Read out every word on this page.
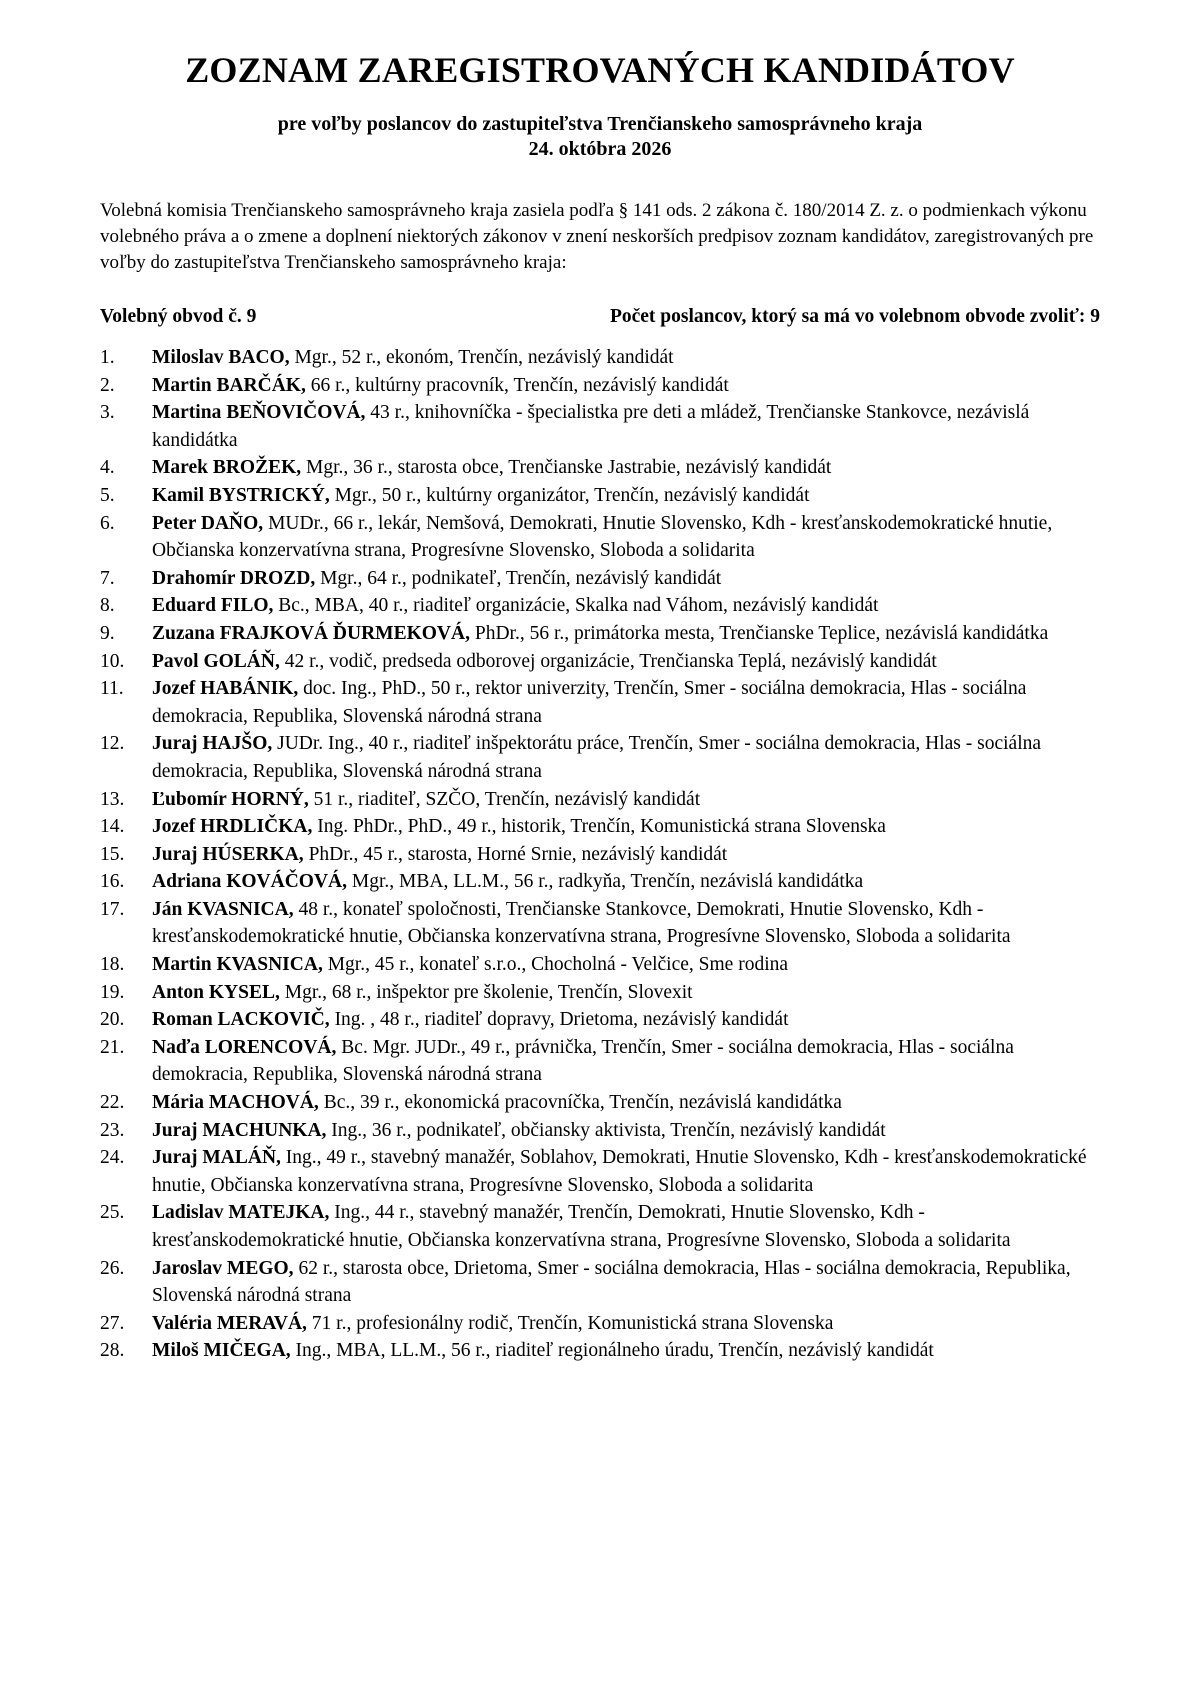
ZOZNAM ZAREGISTROVANÝCH KANDIDÁTOV
pre voľby poslancov do zastupiteľstva Trenčianskeho samosprávneho kraja
24. októbra 2026

Volebná komisia Trenčianskeho samosprávneho kraja zasiela podľa § 141 ods. 2 zákona č. 180/2014 Z. z. o podmienkach výkonu volebného práva a o zmene a doplnení niektorých zákonov v znení neskorších predpisov zoznam kandidátov, zaregistrovaných pre voľby do zastupiteľstva Trenčianskeho samosprávneho kraja:

Volebný obvod č. 9	Počet poslancov, ktorý sa má vo volebnom obvode zvoliť: 9
1.	Miloslav BACO, Mgr., 52 r., ekonóm, Trenčín, nezávislý kandidát
2.	Martin BARČÁK, 66 r., kultúrny pracovník, Trenčín, nezávislý kandidát
3.	Martina BEŇOVIČOVÁ, 43 r., knihovníčka - špecialistka pre deti a mládež, Trenčianske Stankovce, nezávislá kandidátka
4.	Marek BROŽEK, Mgr., 36 r., starosta obce, Trenčianske Jastrabie, nezávislý kandidát
5.	Kamil BYSTRICKÝ, Mgr., 50 r., kultúrny organizátor, Trenčín, nezávislý kandidát
6.	Peter DAŇO, MUDr., 66 r., lekár, Nemšová, Demokrati, Hnutie Slovensko, Kdh - kresťanskodemokratické hnutie, Občianska konzervatívna strana, Progresívne Slovensko, Sloboda a solidarita
7.	Drahomír DROZD, Mgr., 64 r., podnikateľ, Trenčín, nezávislý kandidát
8.	Eduard FILO, Bc., MBA, 40 r., riaditeľ organizácie, Skalka nad Váhom, nezávislý kandidát
9.	Zuzana FRAJKOVÁ ĎURMEKOVÁ, PhDr., 56 r., primátorka mesta, Trenčianske Teplice, nezávislá kandidátka
10.	Pavol GOLÁŇ, 42 r., vodič, predseda odborovej organizácie, Trenčianska Teplá, nezávislý kandidát
11.	Jozef HABÁNIK, doc. Ing., PhD., 50 r., rektor univerzity, Trenčín, Smer - sociálna demokracia, Hlas - sociálna demokracia, Republika, Slovenská národná strana
12.	Juraj HAJŠO, JUDr. Ing., 40 r., riaditeľ inšpektorátu práce, Trenčín, Smer - sociálna demokracia, Hlas - sociálna demokracia, Republika, Slovenská národná strana
13.	Ľubomír HORNÝ, 51 r., riaditeľ, SZČO, Trenčín, nezávislý kandidát
14.	Jozef HRDLIČKA, Ing. PhDr., PhD., 49 r., historik, Trenčín, Komunistická strana Slovenska
15.	Juraj HÚSERKA, PhDr., 45 r., starosta, Horné Srnie, nezávislý kandidát
16.	Adriana KOVÁČOVÁ, Mgr., MBA, LL.M., 56 r., radkyňa, Trenčín, nezávislá kandidátka
17.	Ján KVASNICA, 48 r., konateľ spoločnosti, Trenčianske Stankovce, Demokrati, Hnutie Slovensko, Kdh - kresťanskodemokratické hnutie, Občianska konzervatívna strana, Progresívne Slovensko, Sloboda a solidarita
18.	Martin KVASNICA, Mgr., 45 r., konateľ s.r.o., Chocholná - Velčice, Sme rodina
19.	Anton KYSEL, Mgr., 68 r., inšpektor pre školenie, Trenčín, Slovexit
20.	Roman LACKOVIČ, Ing. , 48 r., riaditeľ dopravy, Drietoma, nezávislý kandidát
21.	Naďa LORENCOVÁ, Bc. Mgr. JUDr., 49 r., právnička, Trenčín, Smer - sociálna demokracia, Hlas - sociálna demokracia, Republika, Slovenská národná strana
22.	Mária MACHOVÁ, Bc., 39 r., ekonomická pracovníčka, Trenčín, nezávislá kandidátka
23.	Juraj MACHUNKA, Ing., 36 r., podnikateľ, občiansky aktivista, Trenčín, nezávislý kandidát
24.	Juraj MALÁŇ, Ing., 49 r., stavebný manažér, Soblahov, Demokrati, Hnutie Slovensko, Kdh - kresťanskodemokratické hnutie, Občianska konzervatívna strana, Progresívne Slovensko, Sloboda a solidarita
25.	Ladislav MATEJKA, Ing., 44 r., stavebný manažér, Trenčín, Demokrati, Hnutie Slovensko, Kdh - kresťanskodemokratické hnutie, Občianska konzervatívna strana, Progresívne Slovensko, Sloboda a solidarita
26.	Jaroslav MEGO, 62 r., starosta obce, Drietoma, Smer - sociálna demokracia, Hlas - sociálna demokracia, Republika, Slovenská národná strana
27.	Valéria MERAVÁ, 71 r., profesionálny rodič, Trenčín, Komunistická strana Slovenska
28.	Miloš MIČEGA, Ing., MBA, LL.M., 56 r., riaditeľ regionálneho úradu, Trenčín, nezávislý kandidát
